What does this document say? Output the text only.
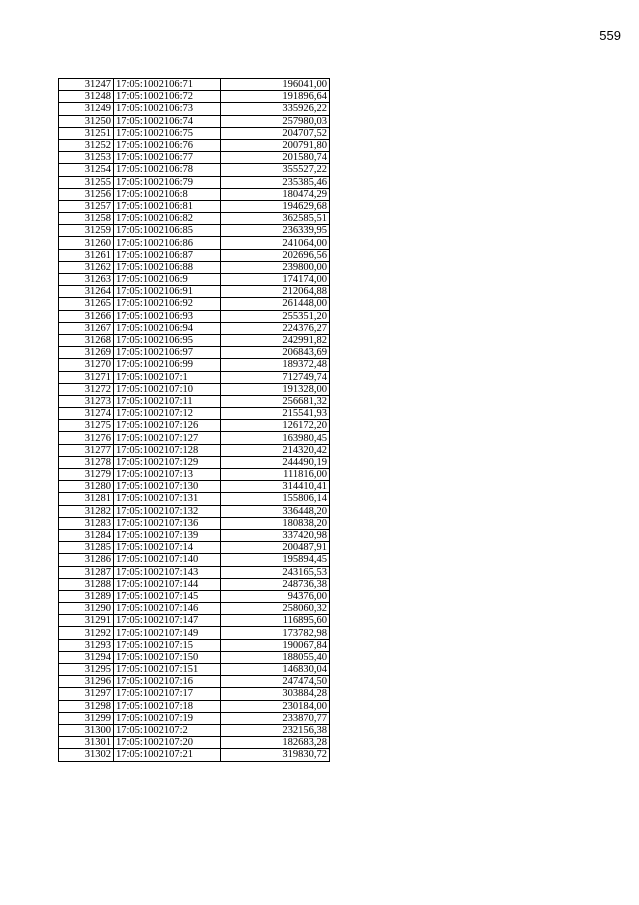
559
31247	17:05:1002106:71	196041,00
31248	17:05:1002106:72	191896,64
31249	17:05:1002106:73	335926,22
31250	17:05:1002106:74	257980,03
31251	17:05:1002106:75	204707,52
31252	17:05:1002106:76	200791,80
31253	17:05:1002106:77	201580,74
31254	17:05:1002106:78	355527,22
31255	17:05:1002106:79	235385,46
31256	17:05:1002106:8	180474,29
31257	17:05:1002106:81	194629,68
31258	17:05:1002106:82	362585,51
31259	17:05:1002106:85	236339,95
31260	17:05:1002106:86	241064,00
31261	17:05:1002106:87	202696,56
31262	17:05:1002106:88	239800,00
31263	17:05:1002106:9	174174,00
31264	17:05:1002106:91	212064,88
31265	17:05:1002106:92	261448,00
31266	17:05:1002106:93	255351,20
31267	17:05:1002106:94	224376,27
31268	17:05:1002106:95	242991,82
31269	17:05:1002106:97	206843,69
31270	17:05:1002106:99	189372,48
31271	17:05:1002107:1	712749,74
31272	17:05:1002107:10	191328,00
31273	17:05:1002107:11	256681,32
31274	17:05:1002107:12	215541,93
31275	17:05:1002107:126	126172,20
31276	17:05:1002107:127	163980,45
31277	17:05:1002107:128	214320,42
31278	17:05:1002107:129	244490,19
31279	17:05:1002107:13	111816,00
31280	17:05:1002107:130	314410,41
31281	17:05:1002107:131	155806,14
31282	17:05:1002107:132	336448,20
31283	17:05:1002107:136	180838,20
31284	17:05:1002107:139	337420,98
31285	17:05:1002107:14	200487,91
31286	17:05:1002107:140	195894,45
31287	17:05:1002107:143	243165,53
31288	17:05:1002107:144	248736,38
31289	17:05:1002107:145	94376,00
31290	17:05:1002107:146	258060,32
31291	17:05:1002107:147	116895,60
31292	17:05:1002107:149	173782,98
31293	17:05:1002107:15	190067,84
31294	17:05:1002107:150	188055,40
31295	17:05:1002107:151	146830,04
31296	17:05:1002107:16	247474,50
31297	17:05:1002107:17	303884,28
31298	17:05:1002107:18	230184,00
31299	17:05:1002107:19	233870,77
31300	17:05:1002107:2	232156,38
31301	17:05:1002107:20	182683,28
31302	17:05:1002107:21	319830,72
